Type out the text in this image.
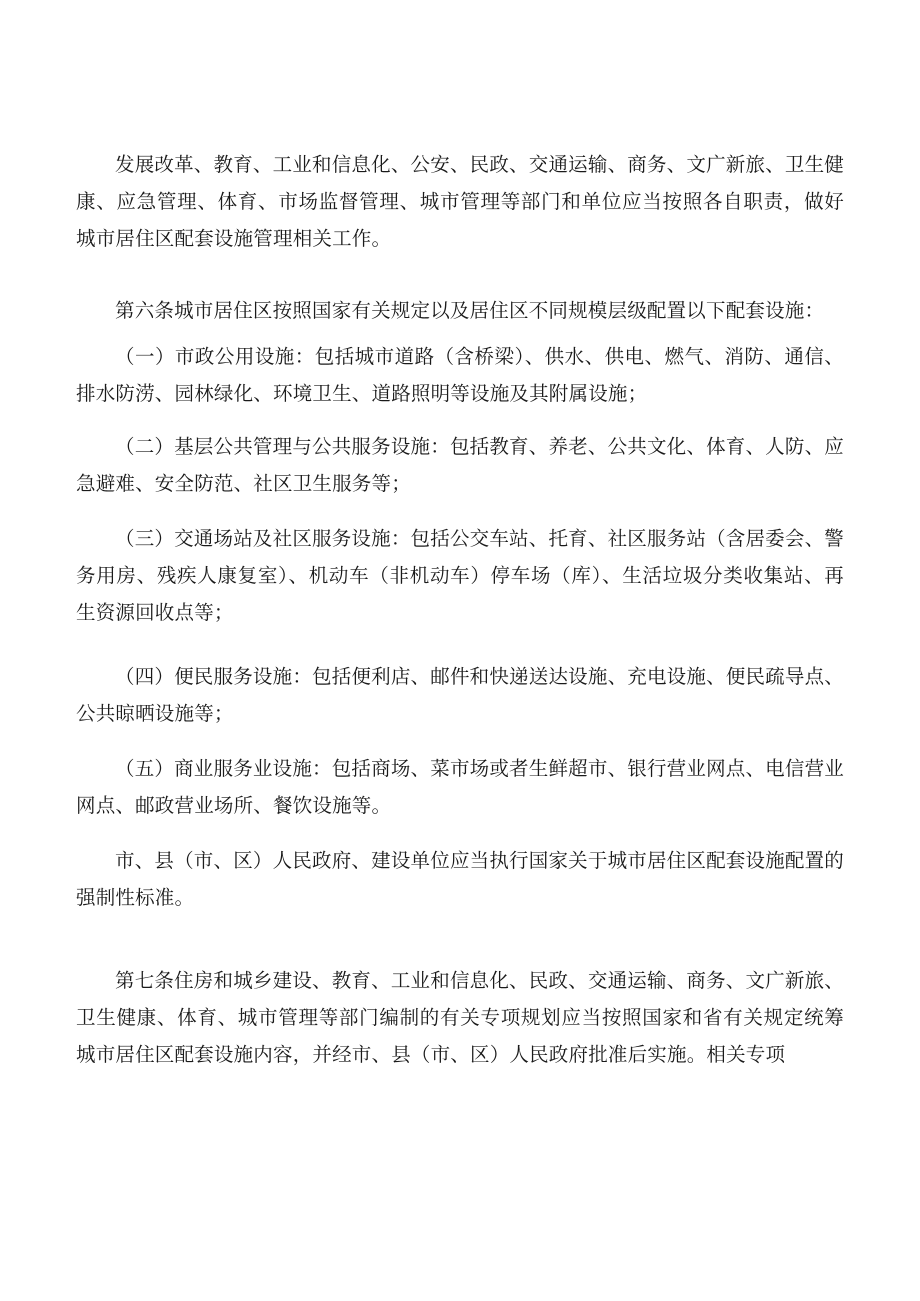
发展改革、教育、工业和信息化、公安、民政、交通运输、商务、文广新旅、卫生健康、应急管理、体育、市场监督管理、城市管理等部门和单位应当按照各自职责，做好城市居住区配套设施管理相关工作。

第六条城市居住区按照国家有关规定以及居住区不同规模层级配置以下配套设施：

（一）市政公用设施：包括城市道路（含桥梁）、供水、供电、燃气、消防、通信、排水防涝、园林绿化、环境卫生、道路照明等设施及其附属设施；

（二）基层公共管理与公共服务设施：包括教育、养老、公共文化、体育、人防、应急避难、安全防范、社区卫生服务等；

（三）交通场站及社区服务设施：包括公交车站、托育、社区服务站（含居委会、警务用房、残疾人康复室）、机动车（非机动车）停车场（库）、生活垃圾分类收集站、再生资源回收点等；

（四）便民服务设施：包括便利店、邮件和快递送达设施、充电设施、便民疏导点、公共晾晒设施等；

（五）商业服务业设施：包括商场、菜市场或者生鲜超市、银行营业网点、电信营业网点、邮政营业场所、餐饮设施等。

市、县（市、区）人民政府、建设单位应当执行国家关于城市居住区配套设施配置的强制性标准。

第七条住房和城乡建设、教育、工业和信息化、民政、交通运输、商务、文广新旅、卫生健康、体育、城市管理等部门编制的有关专项规划应当按照国家和省有关规定统筹城市居住区配套设施内容，并经市、县（市、区）人民政府批准后实施。相关专项
